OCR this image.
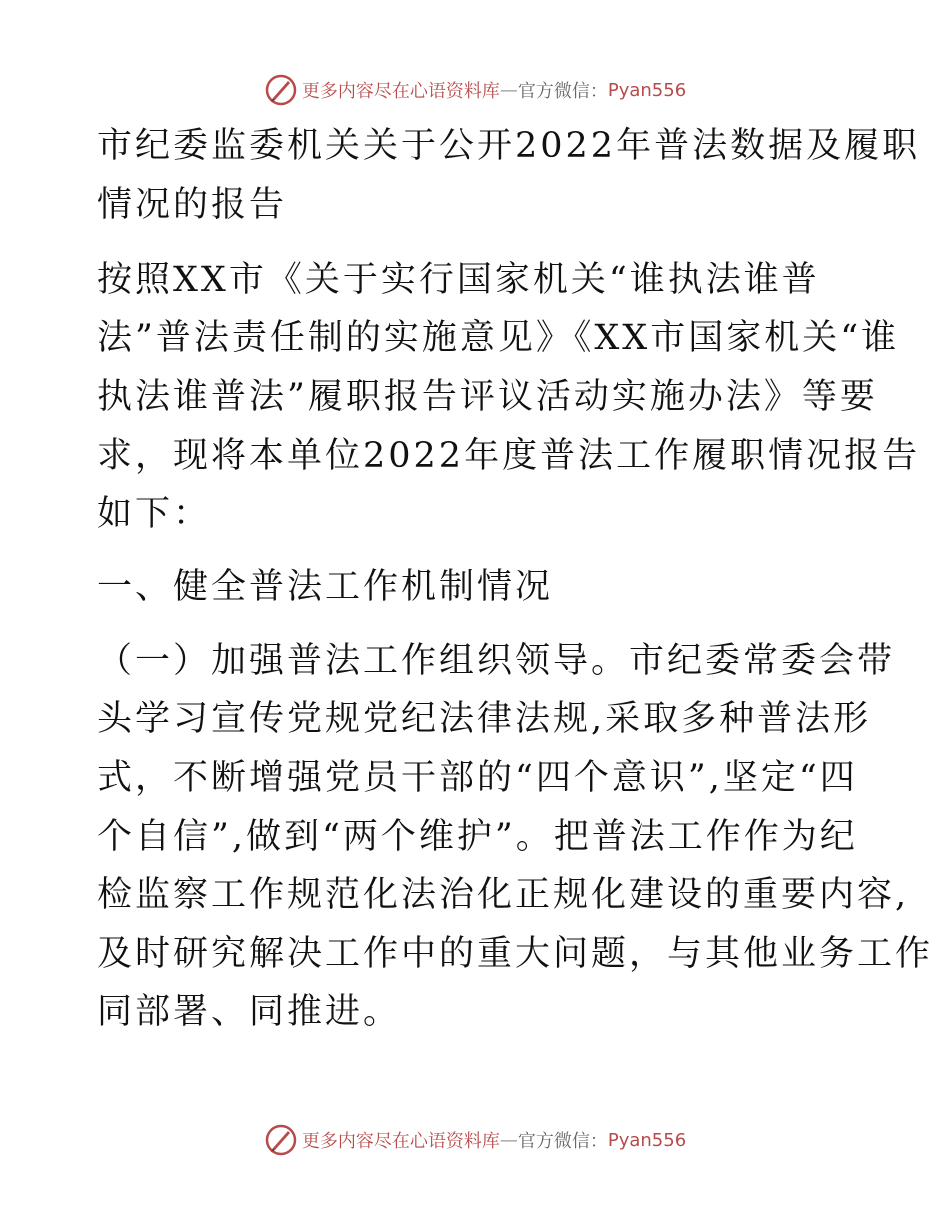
更多内容尽在心语资料库 — 官方微信： Pyan556
市纪委监委机关关于公开2022年普法数据及履职
情况的报告
按照XX市《关于实行国家机关“谁执法谁普
法”普法责任制的实施意见》《XX市国家机关“谁
执法谁普法”履职报告评议活动实施办法》等要
求，现将本单位2022年度普法工作履职情况报告
如下：
一、健全普法工作机制情况
（一）加强普法工作组织领导。市纪委常委会带
头学习宣传党规党纪法律法规,采取多种普法形
式，不断增强党员干部的“四个意识”,坚定“四
个自信”,做到“两个维护”。把普法工作作为纪
检监察工作规范化法治化正规化建设的重要内容,
及时研究解决工作中的重大问题，与其他业务工作
同部署、同推进。
更多内容尽在心语资料库 — 官方微信： Pyan556
